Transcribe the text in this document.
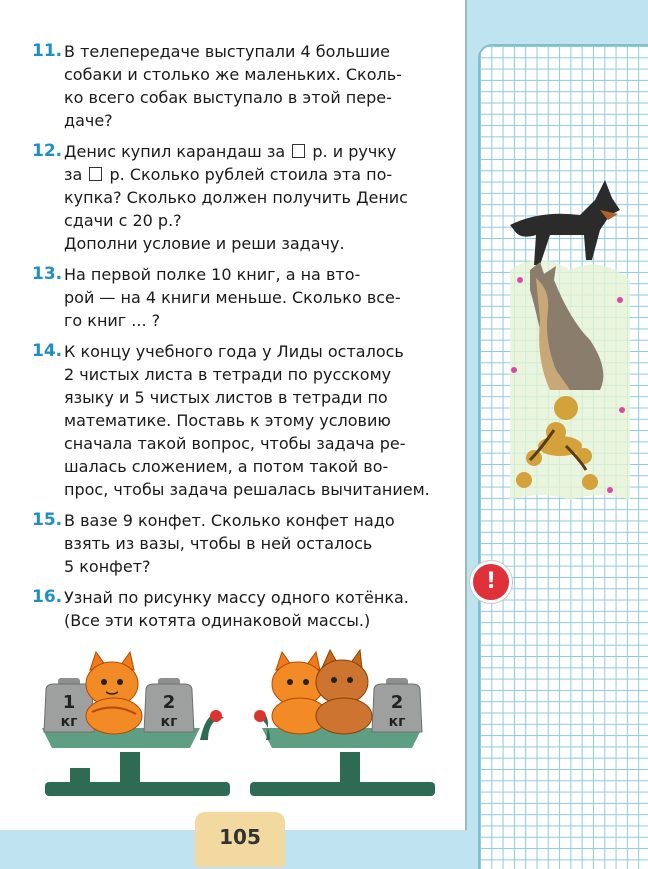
11. В телепередаче выступали 4 большие
собаки и столько же маленьких. Сколь-
ко всего собак выступало в этой пере-
даче?
12. Денис купил карандаш за р. и ручку
за р. Сколько рублей стоила эта по-
купка? Сколько должен получить Денис
сдачи с 20 р.?
Дополни условие и реши задачу.
13. На первой полке 10 книг, а на вто-
рой — на 4 книги меньше. Сколько все-
го книг ... ?
14. К концу учебного года у Лиды осталось
2 чистых листа в тетради по русскому
языку и 5 чистых листов в тетради по
математике. Поставь к этому условию
сначала такой вопрос, чтобы задача ре-
шалась сложением, а потом такой во-
прос, чтобы задача решалась вычитанием.
15. В вазе 9 конфет. Сколько конфет надо
взять из вазы, чтобы в ней осталось
5 конфет?
16. Узнай по рисунку массу одного котёнка.
(Все эти котята одинаковой массы.)
1
кг
2
кг
2
кг
!
105
